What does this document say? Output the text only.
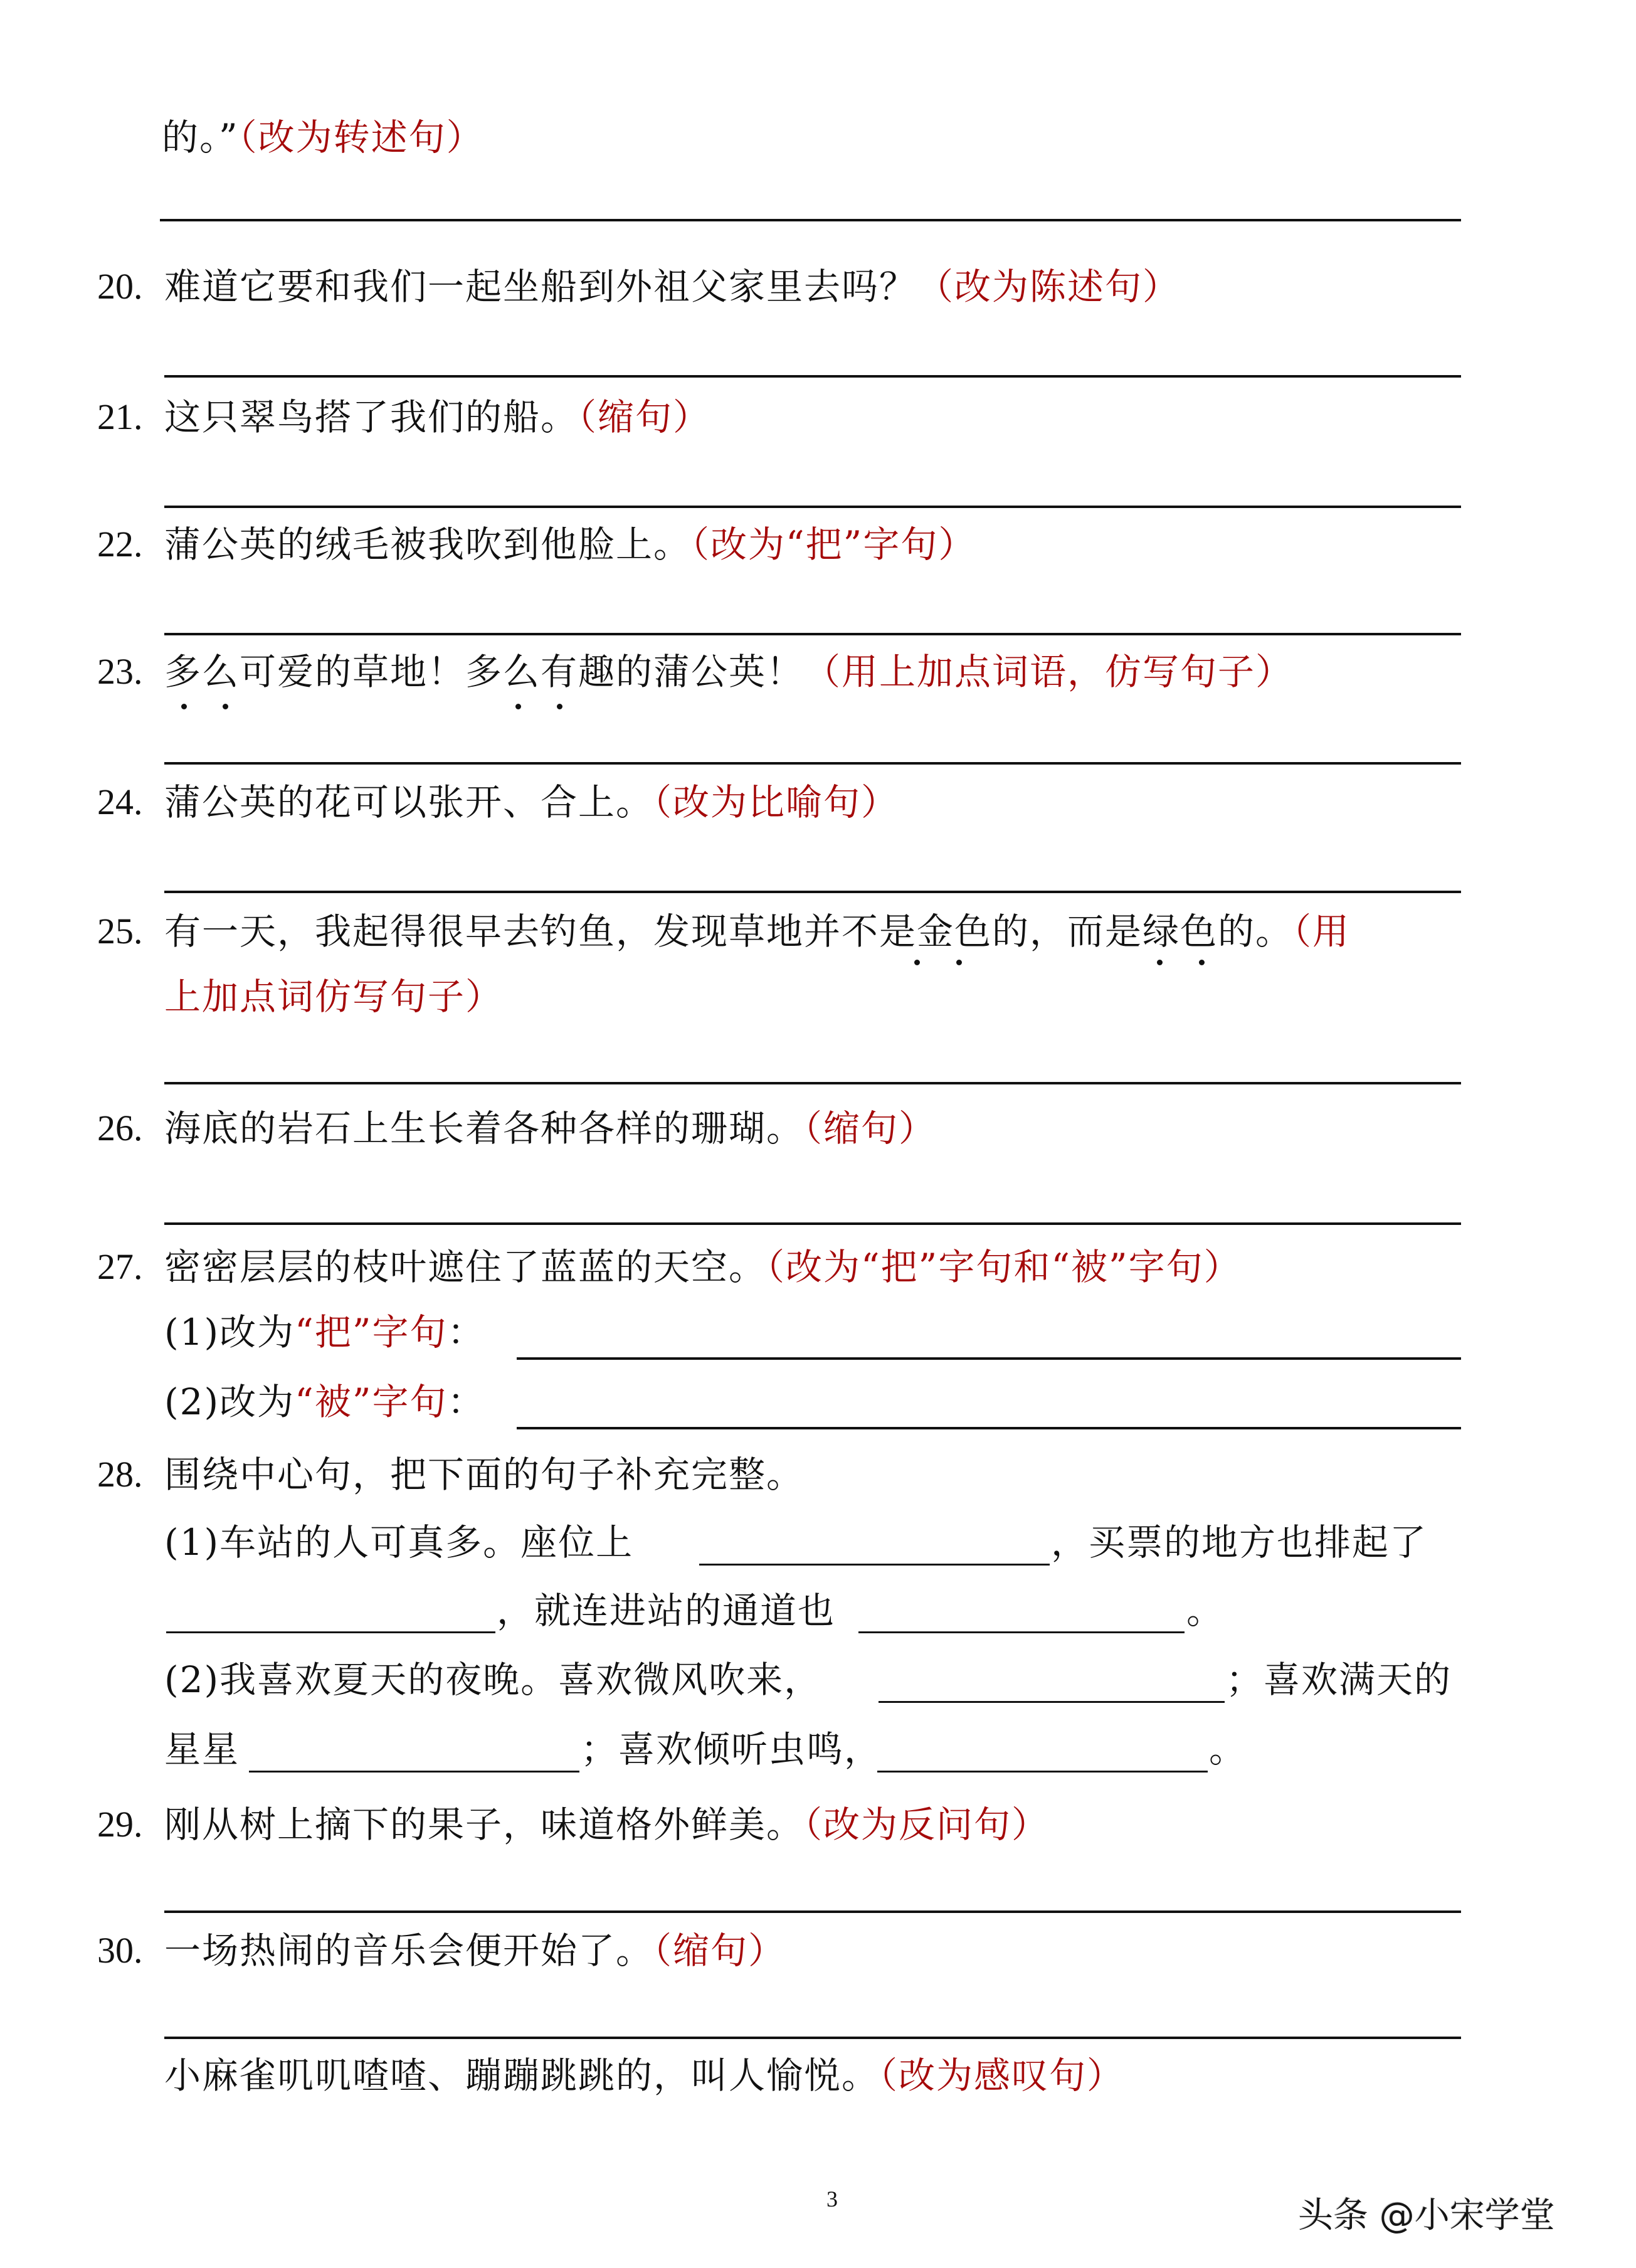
的。”（改为转述句）
20. 难道它要和我们一起坐船到外祖父家里去吗？（改为陈述句）
21. 这只翠鸟搭了我们的船。（缩句）
22. 蒲公英的绒毛被我吹到他脸上。（改为“把”字句）
23. 多么可爱的草地！多么有趣的蒲公英！（用上加点词语，仿写句子）
24. 蒲公英的花可以张开、合上。（改为比喻句）
25. 有一天，我起得很早去钓鱼，发现草地并不是金色的，而是绿色的。（用
上加点词仿写句子）
26. 海底的岩石上生长着各种各样的珊瑚。（缩句）
27. 密密层层的枝叶遮住了蓝蓝的天空。（改为“把”字句和“被”字句）
(1)改为“把”字句：
(2)改为“被”字句：
28. 围绕中心句，把下面的句子补充完整。
(1)车站的人可真多。座位上	，买票的地方也排起了
，就连进站的通道也	。
(2)我喜欢夏天的夜晚。喜欢微风吹来，	；喜欢满天的
星星	；喜欢倾听虫鸣，	。
29. 刚从树上摘下的果子，味道格外鲜美。（改为反问句）
30. 一场热闹的音乐会便开始了。（缩句）
小麻雀叽叽喳喳、蹦蹦跳跳的，叫人愉悦。（改为感叹句）
3	头条 @小宋学堂
